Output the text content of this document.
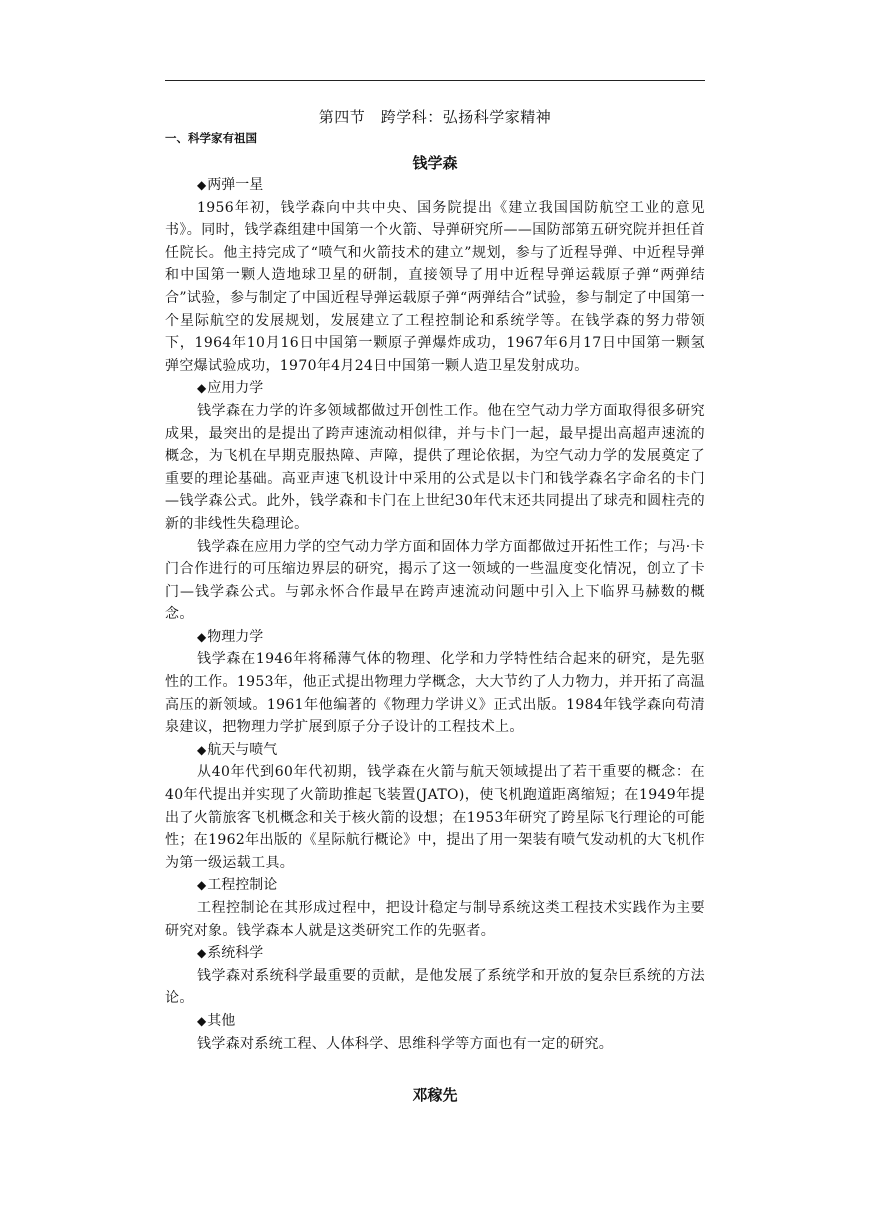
第四节　跨学科：弘扬科学家精神
一、科学家有祖国
钱学森
◆两弹一星

1956年初，钱学森向中共中央、国务院提出《建立我国国防航空工业的意见书》。同时，钱学森组建中国第一个火箭、导弹研究所——国防部第五研究院并担任首任院长。他主持完成了“喷气和火箭技术的建立”规划，参与了近程导弹、中近程导弹和中国第一颗人造地球卫星的研制，直接领导了用中近程导弹运载原子弹“两弹结合”试验，参与制定了中国近程导弹运载原子弹“两弹结合”试验，参与制定了中国第一个星际航空的发展规划，发展建立了工程控制论和系统学等。在钱学森的努力带领下，1964年10月16日中国第一颗原子弹爆炸成功，1967年6月17日中国第一颗氢弹空爆试验成功，1970年4月24日中国第一颗人造卫星发射成功。

◆应用力学

钱学森在力学的许多领域都做过开创性工作。他在空气动力学方面取得很多研究成果，最突出的是提出了跨声速流动相似律，并与卡门一起，最早提出高超声速流的概念，为飞机在早期克服热障、声障，提供了理论依据，为空气动力学的发展奠定了重要的理论基础。高亚声速飞机设计中采用的公式是以卡门和钱学森名字命名的卡门—钱学森公式。此外，钱学森和卡门在上世纪30年代末还共同提出了球壳和圆柱壳的新的非线性失稳理论。

钱学森在应用力学的空气动力学方面和固体力学方面都做过开拓性工作；与冯·卡门合作进行的可压缩边界层的研究，揭示了这一领域的一些温度变化情况，创立了卡门—钱学森公式。与郭永怀合作最早在跨声速流动问题中引入上下临界马赫数的概念。

◆物理力学

钱学森在1946年将稀薄气体的物理、化学和力学特性结合起来的研究，是先驱性的工作。1953年，他正式提出物理力学概念，大大节约了人力物力，并开拓了高温高压的新领域。1961年他编著的《物理力学讲义》正式出版。1984年钱学森向苟清泉建议，把物理力学扩展到原子分子设计的工程技术上。

◆航天与喷气

从40年代到60年代初期，钱学森在火箭与航天领域提出了若干重要的概念：在40年代提出并实现了火箭助推起飞装置(JATO)，使飞机跑道距离缩短；在1949年提出了火箭旅客飞机概念和关于核火箭的设想；在1953年研究了跨星际飞行理论的可能性；在1962年出版的《星际航行概论》中，提出了用一架装有喷气发动机的大飞机作为第一级运载工具。

◆工程控制论

工程控制论在其形成过程中，把设计稳定与制导系统这类工程技术实践作为主要研究对象。钱学森本人就是这类研究工作的先驱者。

◆系统科学

钱学森对系统科学最重要的贡献，是他发展了系统学和开放的复杂巨系统的方法论。

◆其他

钱学森对系统工程、人体科学、思维科学等方面也有一定的研究。

邓稼先
